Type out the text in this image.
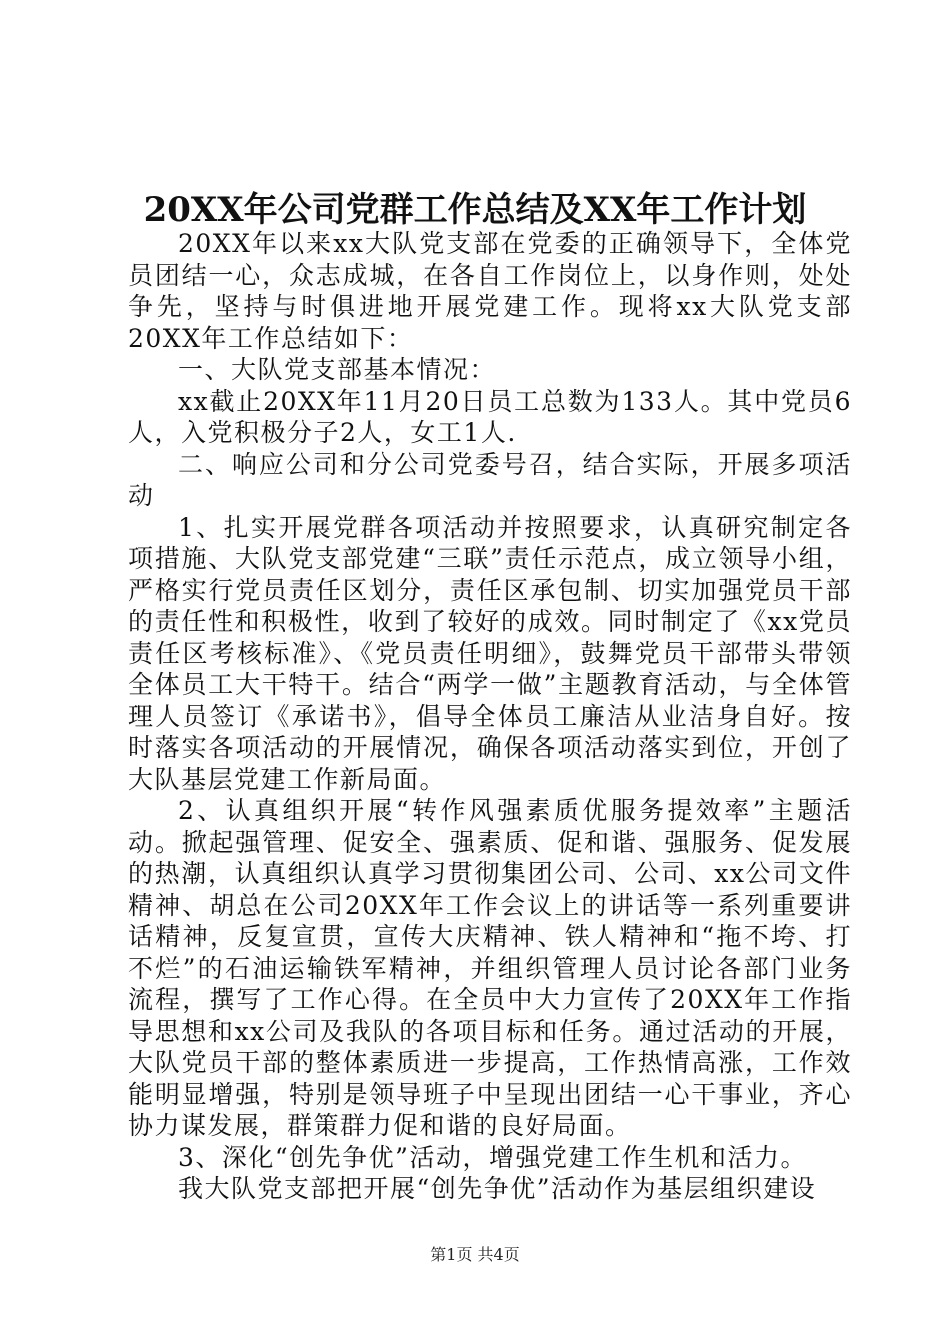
20XX年公司党群工作总结及XX年工作计划

20XX年以来xx大队党支部在党委的正确领导下，全体党员团结一心，众志成城，在各自工作岗位上，以身作则，处处争先，坚持与时俱进地开展党建工作。现将xx大队党支部20XX年工作总结如下：

一、大队党支部基本情况：

xx截止20XX年11月20日员工总数为133人。其中党员6人，入党积极分子2人，女工1人.

二、响应公司和分公司党委号召，结合实际，开展多项活动

1、扎实开展党群各项活动并按照要求，认真研究制定各项措施、大队党支部党建“三联”责任示范点，成立领导小组，严格实行党员责任区划分，责任区承包制、切实加强党员干部的责任性和积极性，收到了较好的成效。同时制定了《xx党员责任区考核标准》、《党员责任明细》，鼓舞党员干部带头带领全体员工大干特干。结合“两学一做”主题教育活动，与全体管理人员签订《承诺书》，倡导全体员工廉洁从业洁身自好。按时落实各项活动的开展情况，确保各项活动落实到位，开创了大队基层党建工作新局面。

2、认真组织开展“转作风强素质优服务提效率”主题活动。掀起强管理、促安全、强素质、促和谐、强服务、促发展的热潮，认真组织认真学习贯彻集团公司、公司、xx公司文件精神、胡总在公司20XX年工作会议上的讲话等一系列重要讲话精神，反复宣贯，宣传大庆精神、铁人精神和“拖不垮、打不烂”的石油运输铁军精神，并组织管理人员讨论各部门业务流程，撰写了工作心得。在全员中大力宣传了20XX年工作指导思想和xx公司及我队的各项目标和任务。通过活动的开展，大队党员干部的整体素质进一步提高，工作热情高涨，工作效能明显增强，特别是领导班子中呈现出团结一心干事业，齐心协力谋发展，群策群力促和谐的良好局面。

3、深化“创先争优”活动，增强党建工作生机和活力。

我大队党支部把开展“创先争优”活动作为基层组织建设

第1页 共4页
